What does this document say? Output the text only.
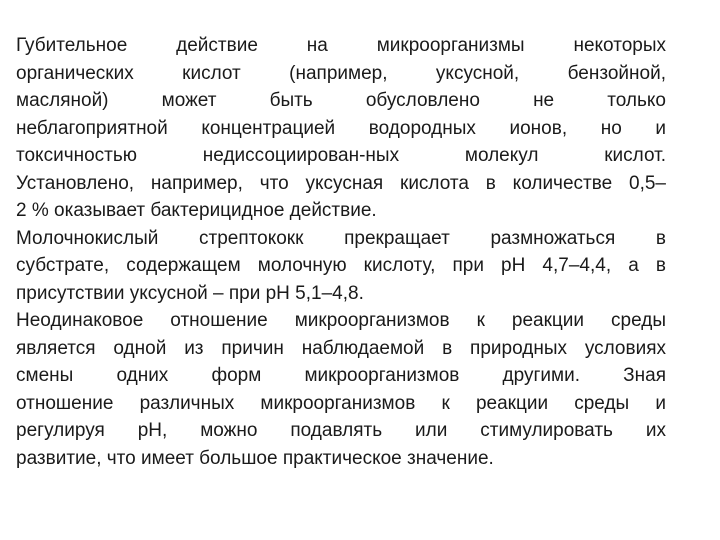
Губительное действие на микроорганизмы некоторых
органических кислот (например, уксусной, бензойной,
масляной) может быть обусловлено не только
неблагоприятной концентрацией водородных ионов, но и
токсичностью недиссоциирован-ных молекул кислот.
Установлено, например, что уксусная кислота в количестве 0,5–
2 % оказывает бактерицидное действие.
Молочнокислый стрептококк прекращает размножаться в
субстрате, содержащем молочную кислоту, при pH 4,7–4,4, а в
присутствии уксусной – при pH 5,1–4,8.
Неодинаковое отношение микроорганизмов к реакции среды
является одной из причин наблюдаемой в природных условиях
смены одних форм микроорганизмов другими. Зная
отношение различных микроорганизмов к реакции среды и
регулируя pH, можно подавлять или стимулировать их
развитие, что имеет большое практическое значение.
